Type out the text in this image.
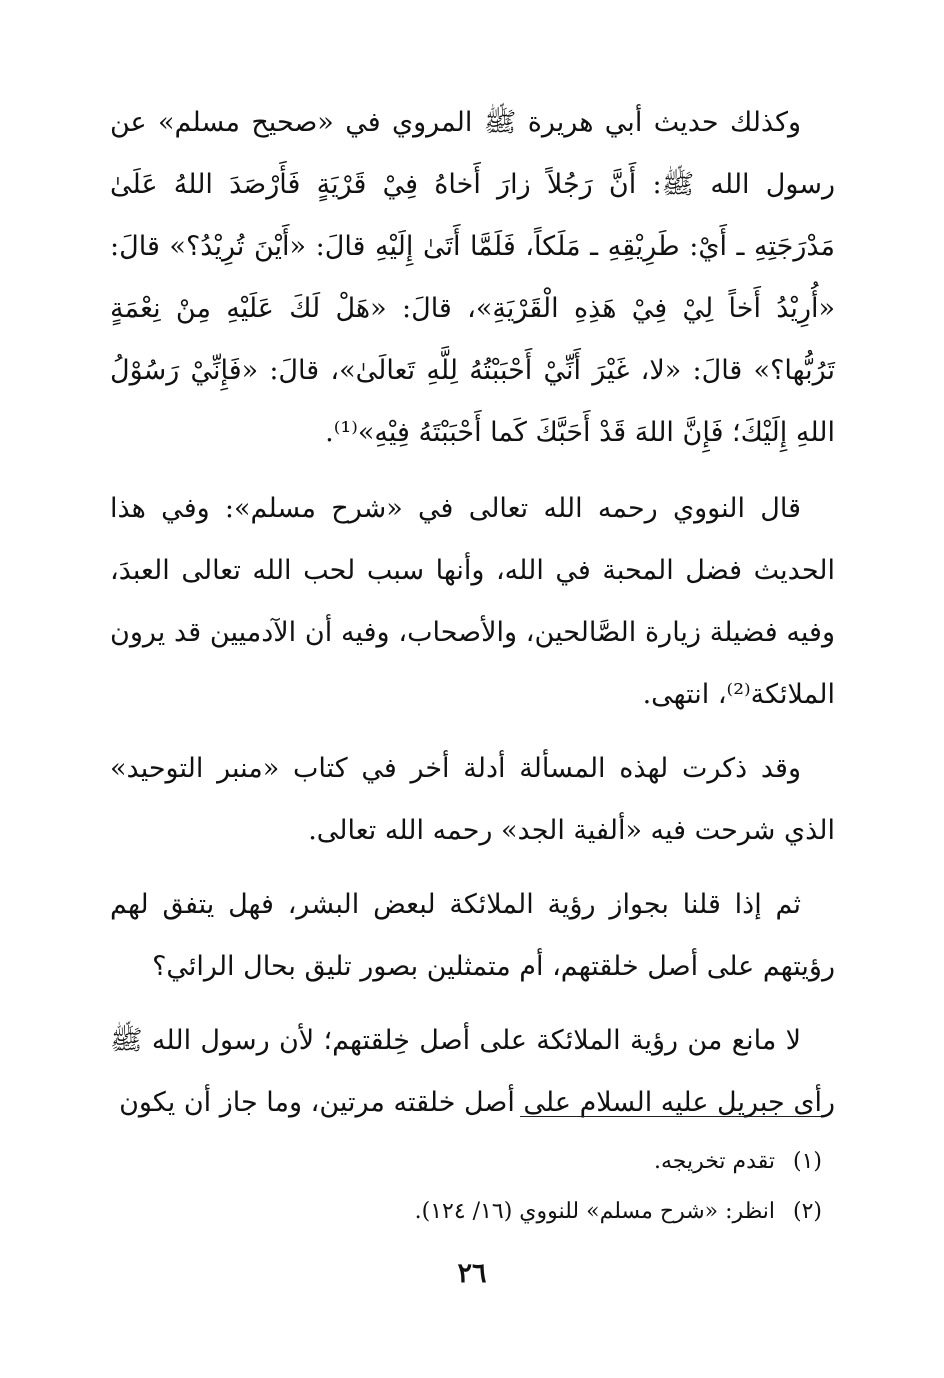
وكذلك حديث أبي هريرة ﷺ المروي في «صحيح مسلم» عن رسول الله ﷺ: أَنَّ رَجُلاً زارَ أَخاهُ فِيْ قَرْيَةٍ فَأَرْصَدَ اللهُ عَلَىٰ مَدْرَجَتِهِ ـ أَيْ: طَرِيْقِهِ ـ مَلَكاً، فَلَمَّا أَتَىٰ إِلَيْهِ قالَ: «أَيْنَ تُرِيْدُ؟» قالَ: «أُرِيْدُ أَخاً لِيْ فِيْ هَذِهِ الْقَرْيَةِ»، قالَ: «هَلْ لَكَ عَلَيْهِ مِنْ نِعْمَةٍ تَرُبُّها؟» قالَ: «لا، غَيْرَ أَنِّيْ أَحْبَبْتُهُ لِلَّهِ تَعالَىٰ»، قالَ: «فَإِنِّيْ رَسُوْلُ اللهِ إِلَيْكَ؛ فَإِنَّ اللهَ قَدْ أَحَبَّكَ كَما أَحْبَبْتَهُ فِيْهِ»⁽¹⁾.

قال النووي رحمه الله تعالى في «شرح مسلم»: وفي هذا الحديث فضل المحبة في الله، وأنها سبب لحب الله تعالى العبدَ، وفيه فضيلة زيارة الصَّالحين، والأصحاب، وفيه أن الآدميين قد يرون الملائكة⁽²⁾، انتهى.

وقد ذكرت لهذه المسألة أدلة أخر في كتاب «منبر التوحيد» الذي شرحت فيه «ألفية الجد» رحمه الله تعالى.

ثم إذا قلنا بجواز رؤية الملائكة لبعض البشر، فهل يتفق لهم رؤيتهم على أصل خلقتهم، أم متمثلين بصور تليق بحال الرائي؟

لا مانع من رؤية الملائكة على أصل خِلقتهم؛ لأن رسول الله ﷺ رأى جبريل عليه السلام على أصل خلقته مرتين، وما جاز أن يكون

(١)تقدم تخريجه.
(٢)انظر: «شرح مسلم» للنووي (١٦/ ١٢٤).
٢٦
